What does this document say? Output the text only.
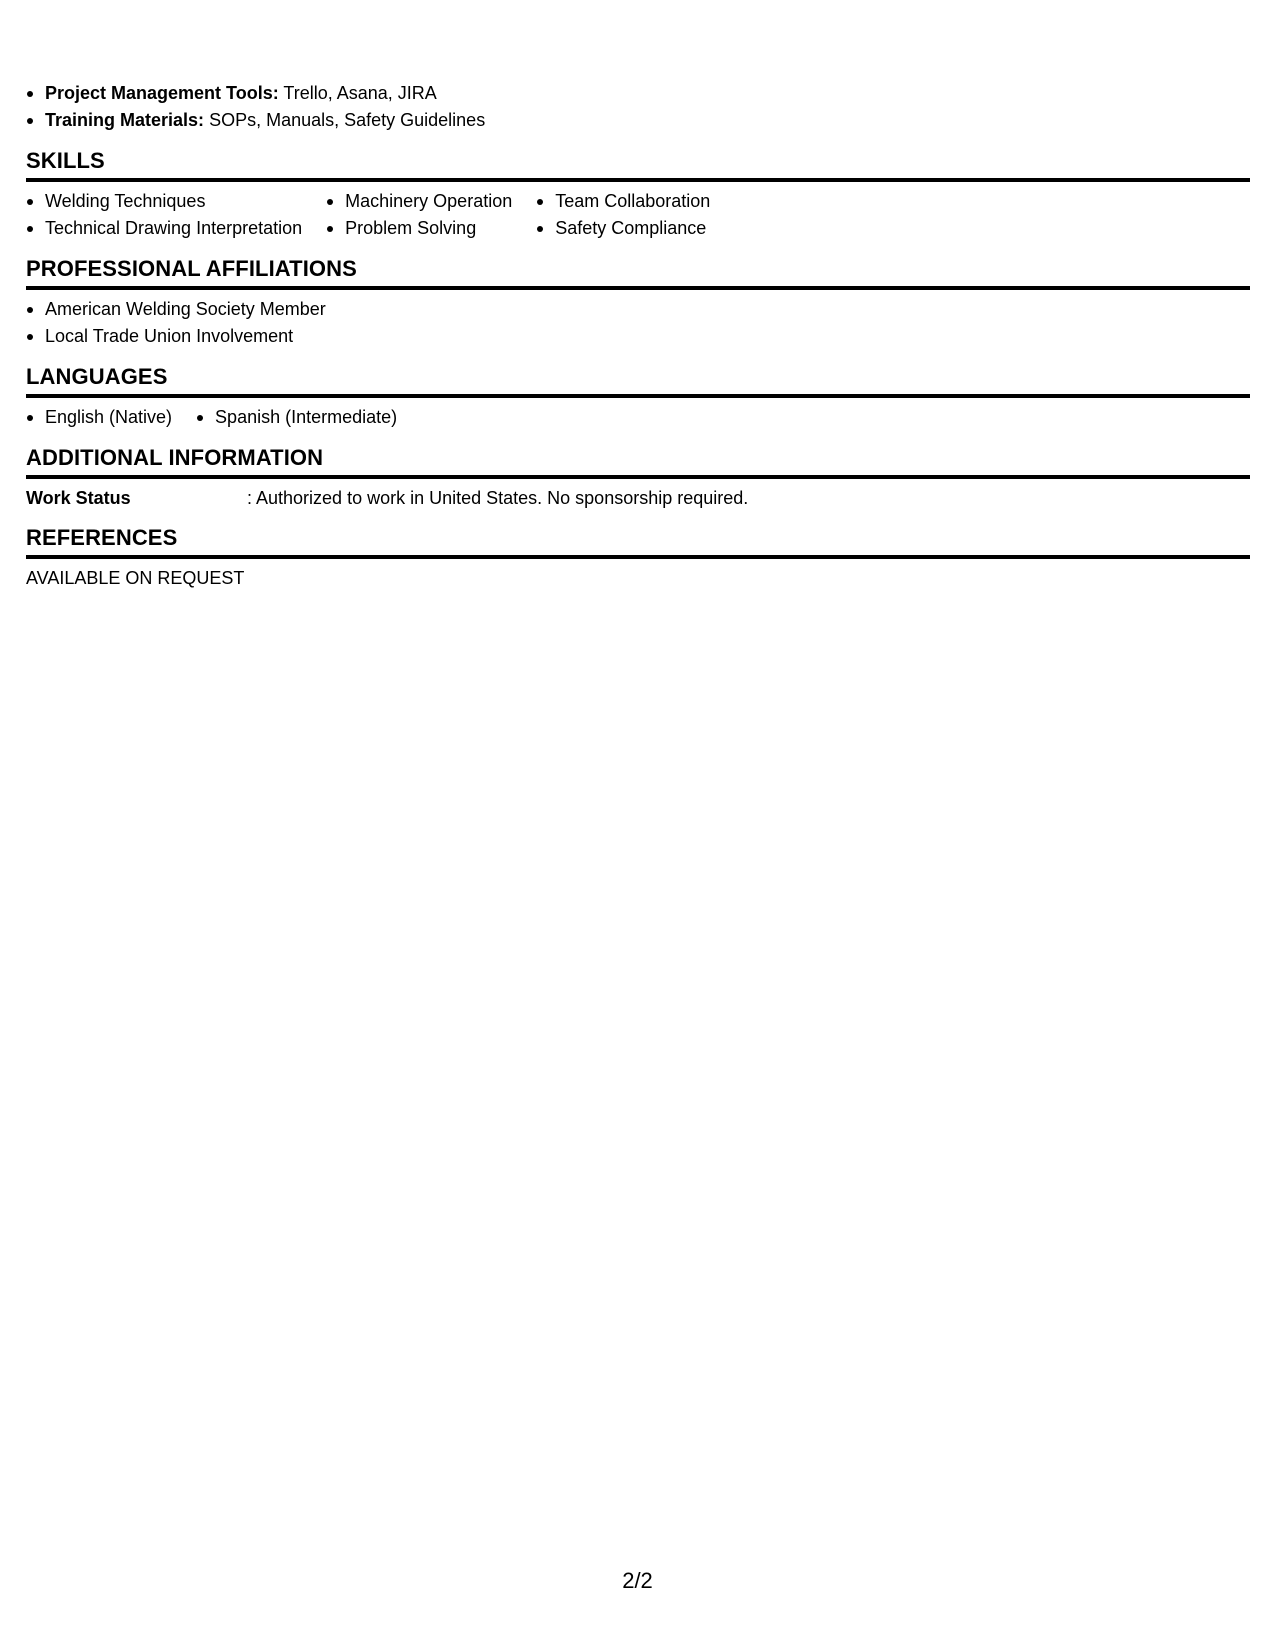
Project Management Tools: Trello, Asana, JIRA
Training Materials: SOPs, Manuals, Safety Guidelines
SKILLS
Welding Techniques
Technical Drawing Interpretation
Machinery Operation
Problem Solving
Team Collaboration
Safety Compliance
PROFESSIONAL AFFILIATIONS
American Welding Society Member
Local Trade Union Involvement
LANGUAGES
English (Native)	Spanish (Intermediate)
ADDITIONAL INFORMATION
Work Status	: Authorized to work in United States. No sponsorship required.
REFERENCES
AVAILABLE ON REQUEST
2/2
